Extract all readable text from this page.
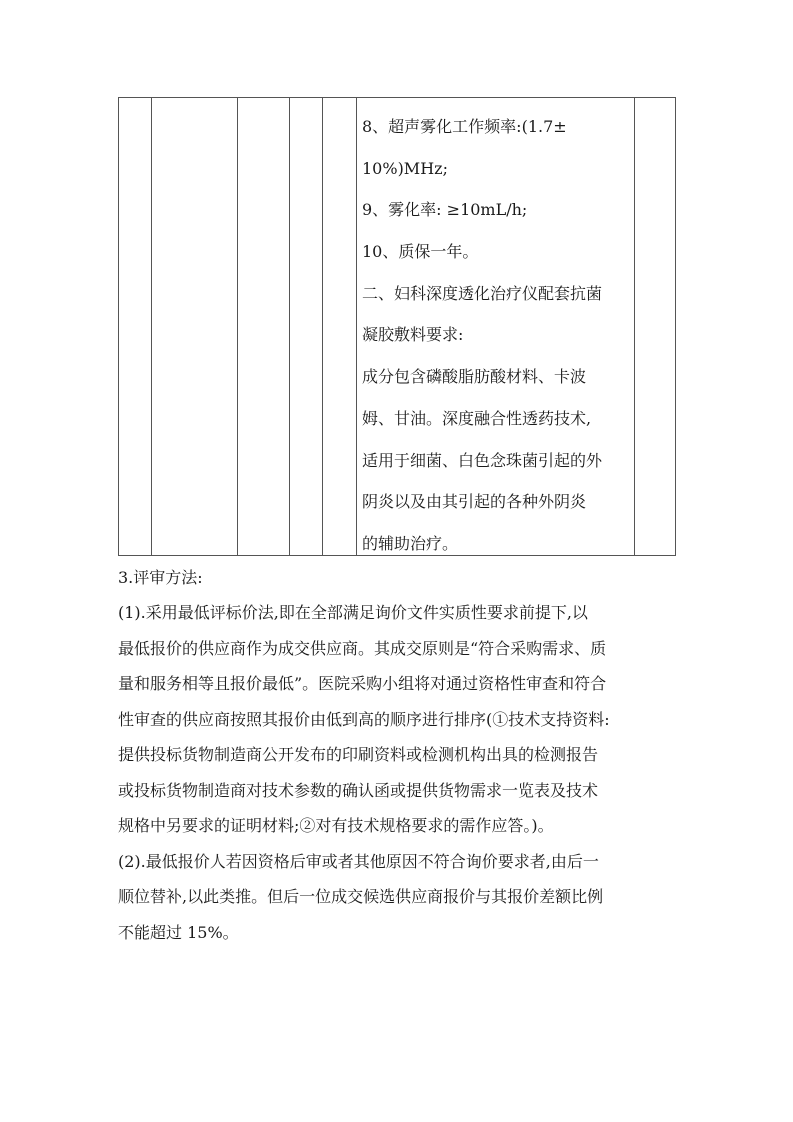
8、超声雾化工作频率:(1.7±
10%)MHz;
9、雾化率: ≥10mL/h;
10、质保一年。
二、妇科深度透化治疗仪配套抗菌
凝胶敷料要求:
成分包含磷酸脂肪酸材料、卡波
姆、甘油。深度融合性透药技术,
适用于细菌、白色念珠菌引起的外
阴炎以及由其引起的各种外阴炎
的辅助治疗。
3.评审方法:
(1).采用最低评标价法,即在全部满足询价文件实质性要求前提下,以
最低报价的供应商作为成交供应商。其成交原则是“符合采购需求、质
量和服务相等且报价最低”。医院采购小组将对通过资格性审查和符合
性审查的供应商按照其报价由低到高的顺序进行排序(①技术支持资料:
提供投标货物制造商公开发布的印刷资料或检测机构出具的检测报告
或投标货物制造商对技术参数的确认函或提供货物需求一览表及技术
规格中另要求的证明材料;②对有技术规格要求的需作应答。)。
(2).最低报价人若因资格后审或者其他原因不符合询价要求者,由后一
顺位替补,以此类推。但后一位成交候选供应商报价与其报价差额比例
不能超过 15%。
